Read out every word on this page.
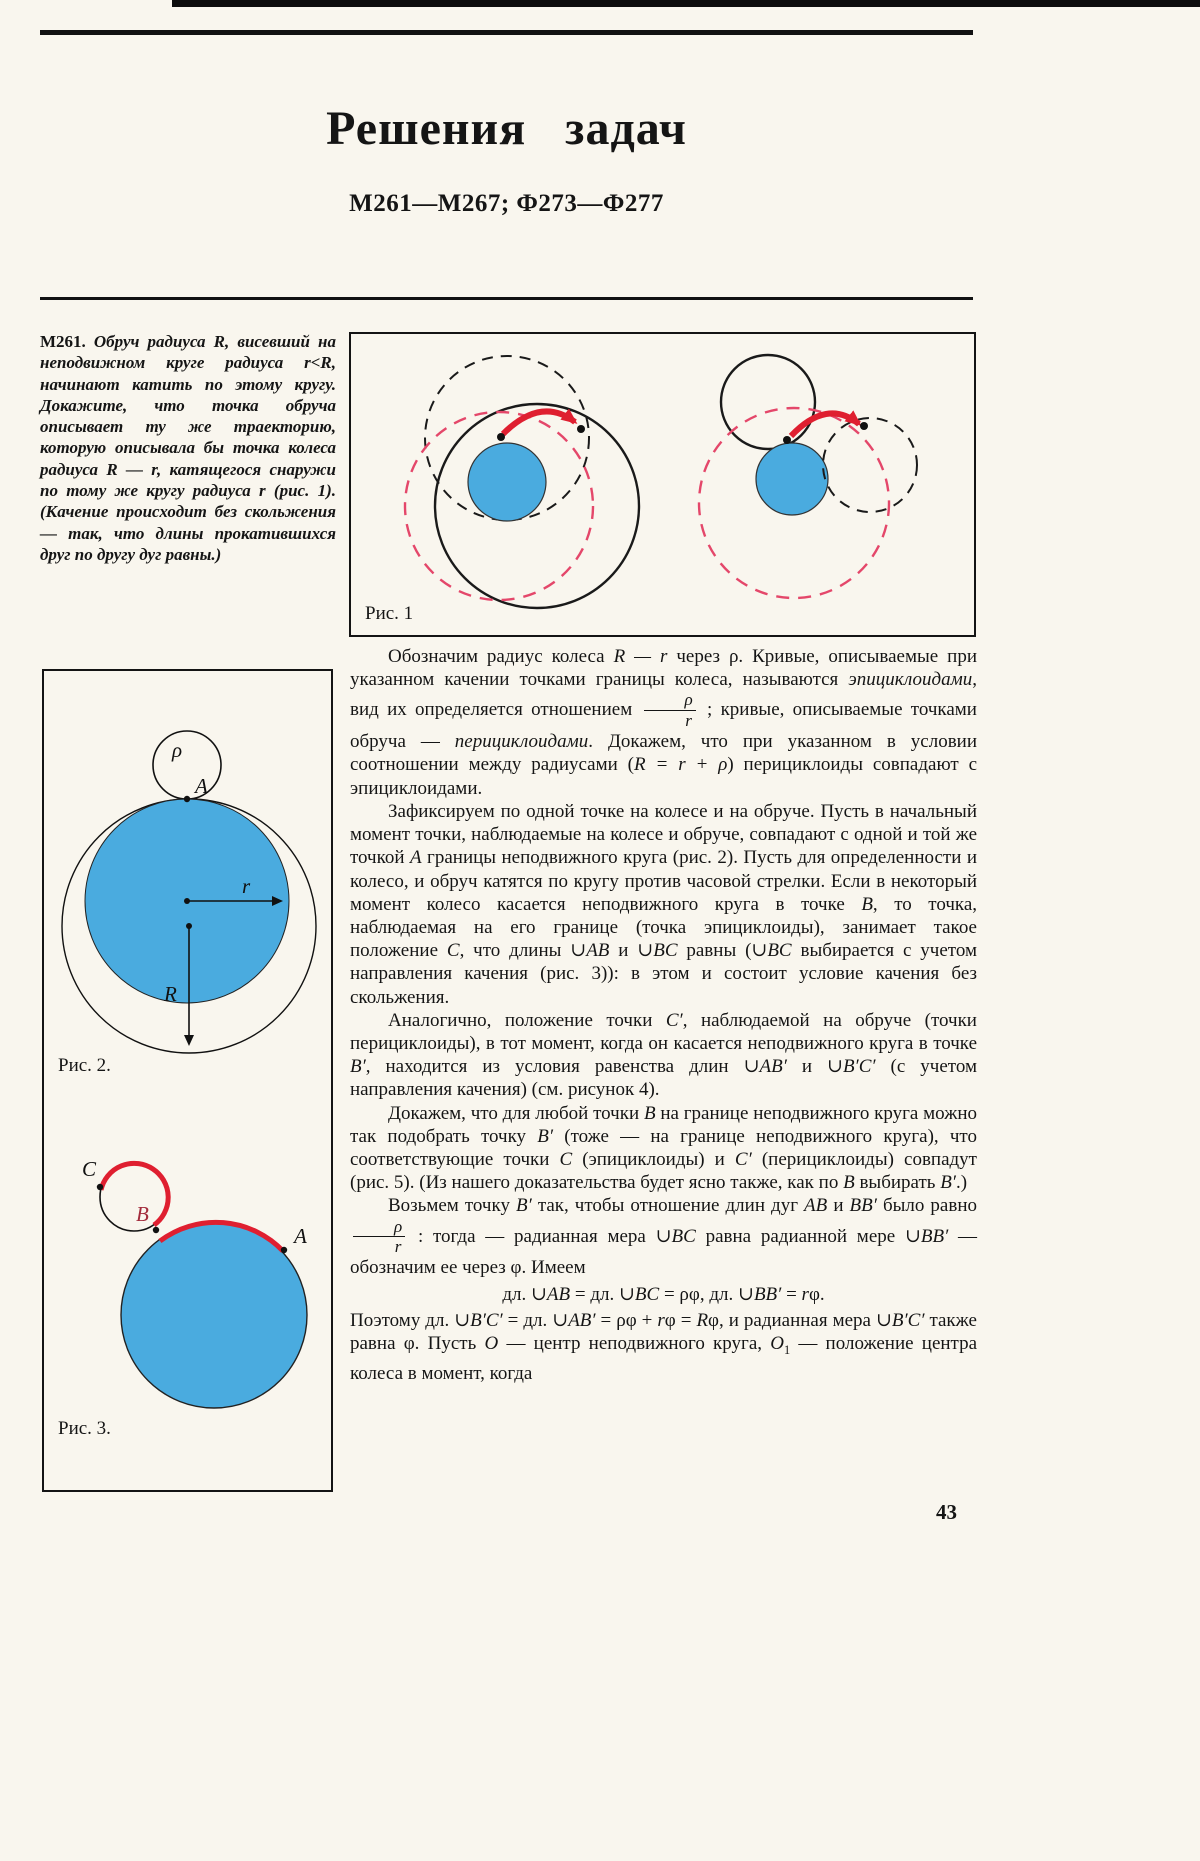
Решения задач
М261—М267; Ф273—Ф277
М261. Обруч радиуса R, висевший на неподвижном круге радиуса r<R, начинают катить по этому кругу. Докажите, что точка обруча описывает ту же траекторию, которую описывала бы точка колеса радиуса R — r, катящегося снаружи по тому же кругу радиуса r (рис. 1). (Качение происходит без скольжения — так, что длины прокатившихся друг по другу дуг равны.)
Рис. 1

Обозначим радиус колеса R — r через ρ. Кривые, описываемые при указанном качении точками границы колеса, называются эпициклоидами, вид их определяется отношением $\frac{\rho}{r}$ ; кривые, описываемые точками обруча — перициклоидами. Докажем, что при указанном в условии соотношении между радиусами (R = r + ρ) перициклоиды совпадают с эпициклоидами.

Зафиксируем по одной точке на колесе и на обруче. Пусть в начальный момент точки, наблюдаемые на колесе и обруче, совпадают с одной и той же точкой A границы неподвижного круга (рис. 2). Пусть для определенности и колесо, и обруч катятся по кругу против часовой стрелки. Если в некоторый момент колесо касается неподвижного круга в точке B, то точка, наблюдаемая на его границе (точка эпициклоиды), занимает такое положение C, что длины ∪AB и ∪BC равны (∪BC выбирается с учетом направления качения (рис. 3)): в этом и состоит условие качения без скольжения.

Аналогично, положение точки C′, наблюдаемой на обруче (точки перициклоиды), в тот момент, когда он касается неподвижного круга в точке B′, находится из условия равенства длин ∪AB′ и ∪B′C′ (с учетом направления качения) (см. рисунок 4).

Докажем, что для любой точки B на границе неподвижного круга можно так подобрать точку B′ (тоже — на границе неподвижного круга), что соответствующие точки C (эпициклоиды) и C′ (перициклоиды) совпадут (рис. 5). (Из нашего доказательства будет ясно также, как по B выбирать B′.)

Возьмем точку B′ так, чтобы отношение длин дуг AB и BB′ было равно
$\frac{\rho}{r}$ : тогда — радианная мера ∪BC равна радианной мере ∪BB′ — обозначим ее через φ. Имеем

дл. ∪AB = дл. ∪BC = ρφ, дл. ∪BB′ = rφ.

Поэтому дл. ∪B′C′ = дл. ∪AB′ = ρφ + rφ = Rφ, и радианная мера ∪B′C′ также равна φ. Пусть O — центр неподвижного круга, $O_1$ — положение центра колеса в момент, когда

ρ
A
r
R
C
B
A
Рис. 2.
Рис. 3.
43
